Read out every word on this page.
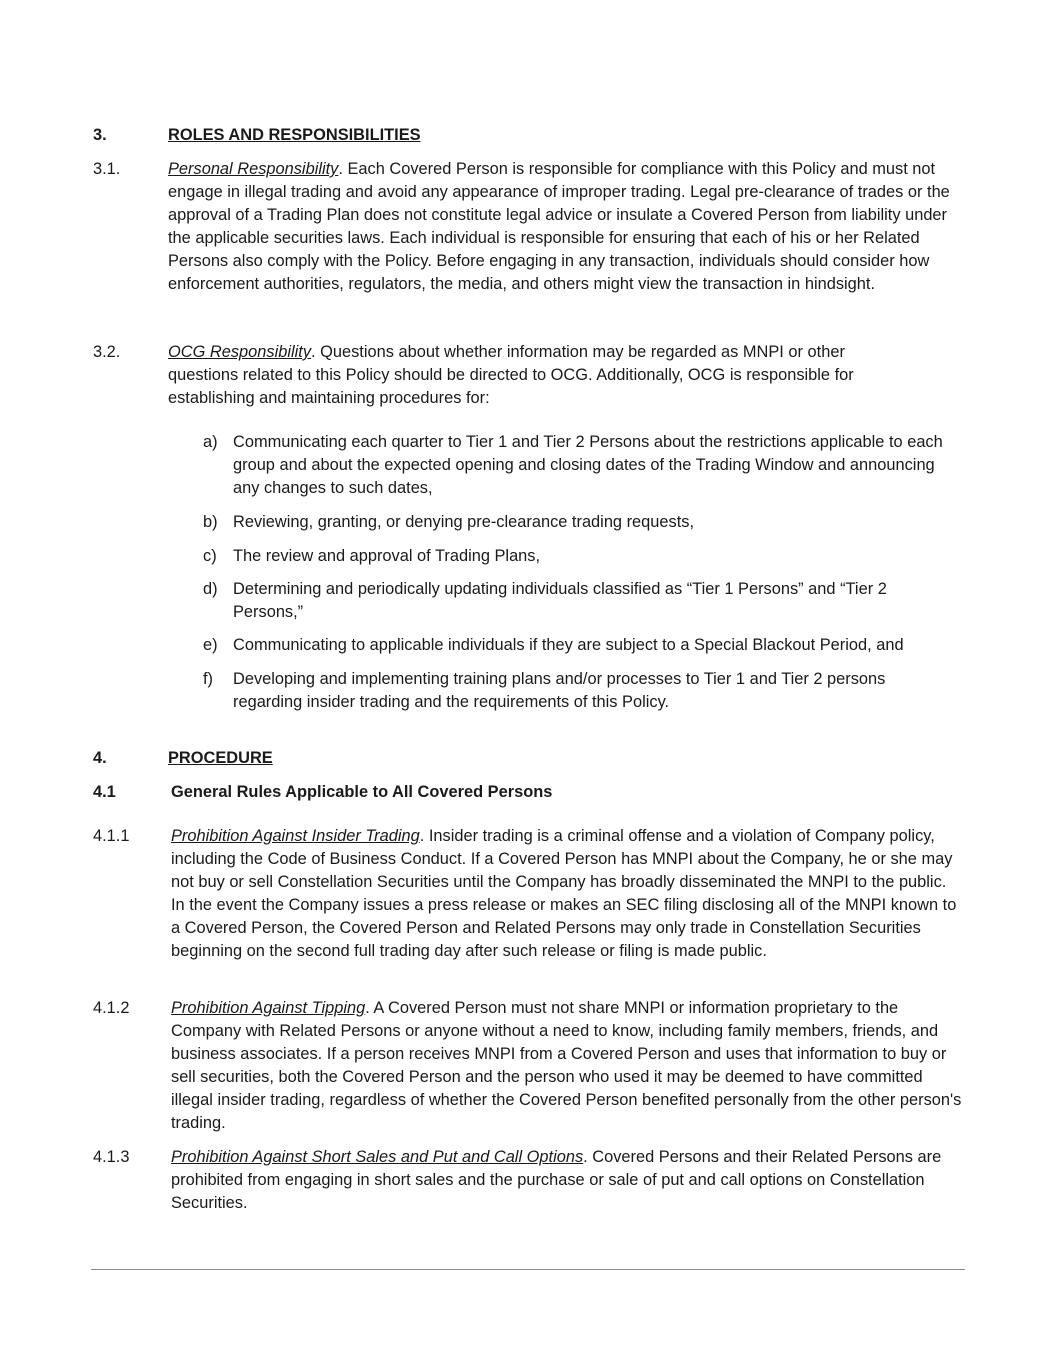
3.	ROLES AND RESPONSIBILITIES
3.1.	Personal Responsibility. Each Covered Person is responsible for compliance with this Policy and must not engage in illegal trading and avoid any appearance of improper trading. Legal pre-clearance of trades or the approval of a Trading Plan does not constitute legal advice or insulate a Covered Person from liability under the applicable securities laws. Each individual is responsible for ensuring that each of his or her Related Persons also comply with the Policy. Before engaging in any transaction, individuals should consider how enforcement authorities, regulators, the media, and others might view the transaction in hindsight.
3.2.	OCG Responsibility. Questions about whether information may be regarded as MNPI or other questions related to this Policy should be directed to OCG. Additionally, OCG is responsible for establishing and maintaining procedures for:
a) Communicating each quarter to Tier 1 and Tier 2 Persons about the restrictions applicable to each group and about the expected opening and closing dates of the Trading Window and announcing any changes to such dates,
b) Reviewing, granting, or denying pre-clearance trading requests,
c) The review and approval of Trading Plans,
d) Determining and periodically updating individuals classified as “Tier 1 Persons” and “Tier 2 Persons,”
e) Communicating to applicable individuals if they are subject to a Special Blackout Period, and
f) Developing and implementing training plans and/or processes to Tier 1 and Tier 2 persons regarding insider trading and the requirements of this Policy.
4.	PROCEDURE
4.1	General Rules Applicable to All Covered Persons
4.1.1	Prohibition Against Insider Trading. Insider trading is a criminal offense and a violation of Company policy, including the Code of Business Conduct. If a Covered Person has MNPI about the Company, he or she may not buy or sell Constellation Securities until the Company has broadly disseminated the MNPI to the public. In the event the Company issues a press release or makes an SEC filing disclosing all of the MNPI known to a Covered Person, the Covered Person and Related Persons may only trade in Constellation Securities beginning on the second full trading day after such release or filing is made public.
4.1.2	Prohibition Against Tipping. A Covered Person must not share MNPI or information proprietary to the Company with Related Persons or anyone without a need to know, including family members, friends, and business associates. If a person receives MNPI from a Covered Person and uses that information to buy or sell securities, both the Covered Person and the person who used it may be deemed to have committed illegal insider trading, regardless of whether the Covered Person benefited personally from the other person's trading.
4.1.3	Prohibition Against Short Sales and Put and Call Options. Covered Persons and their Related Persons are prohibited from engaging in short sales and the purchase or sale of put and call options on Constellation Securities.
